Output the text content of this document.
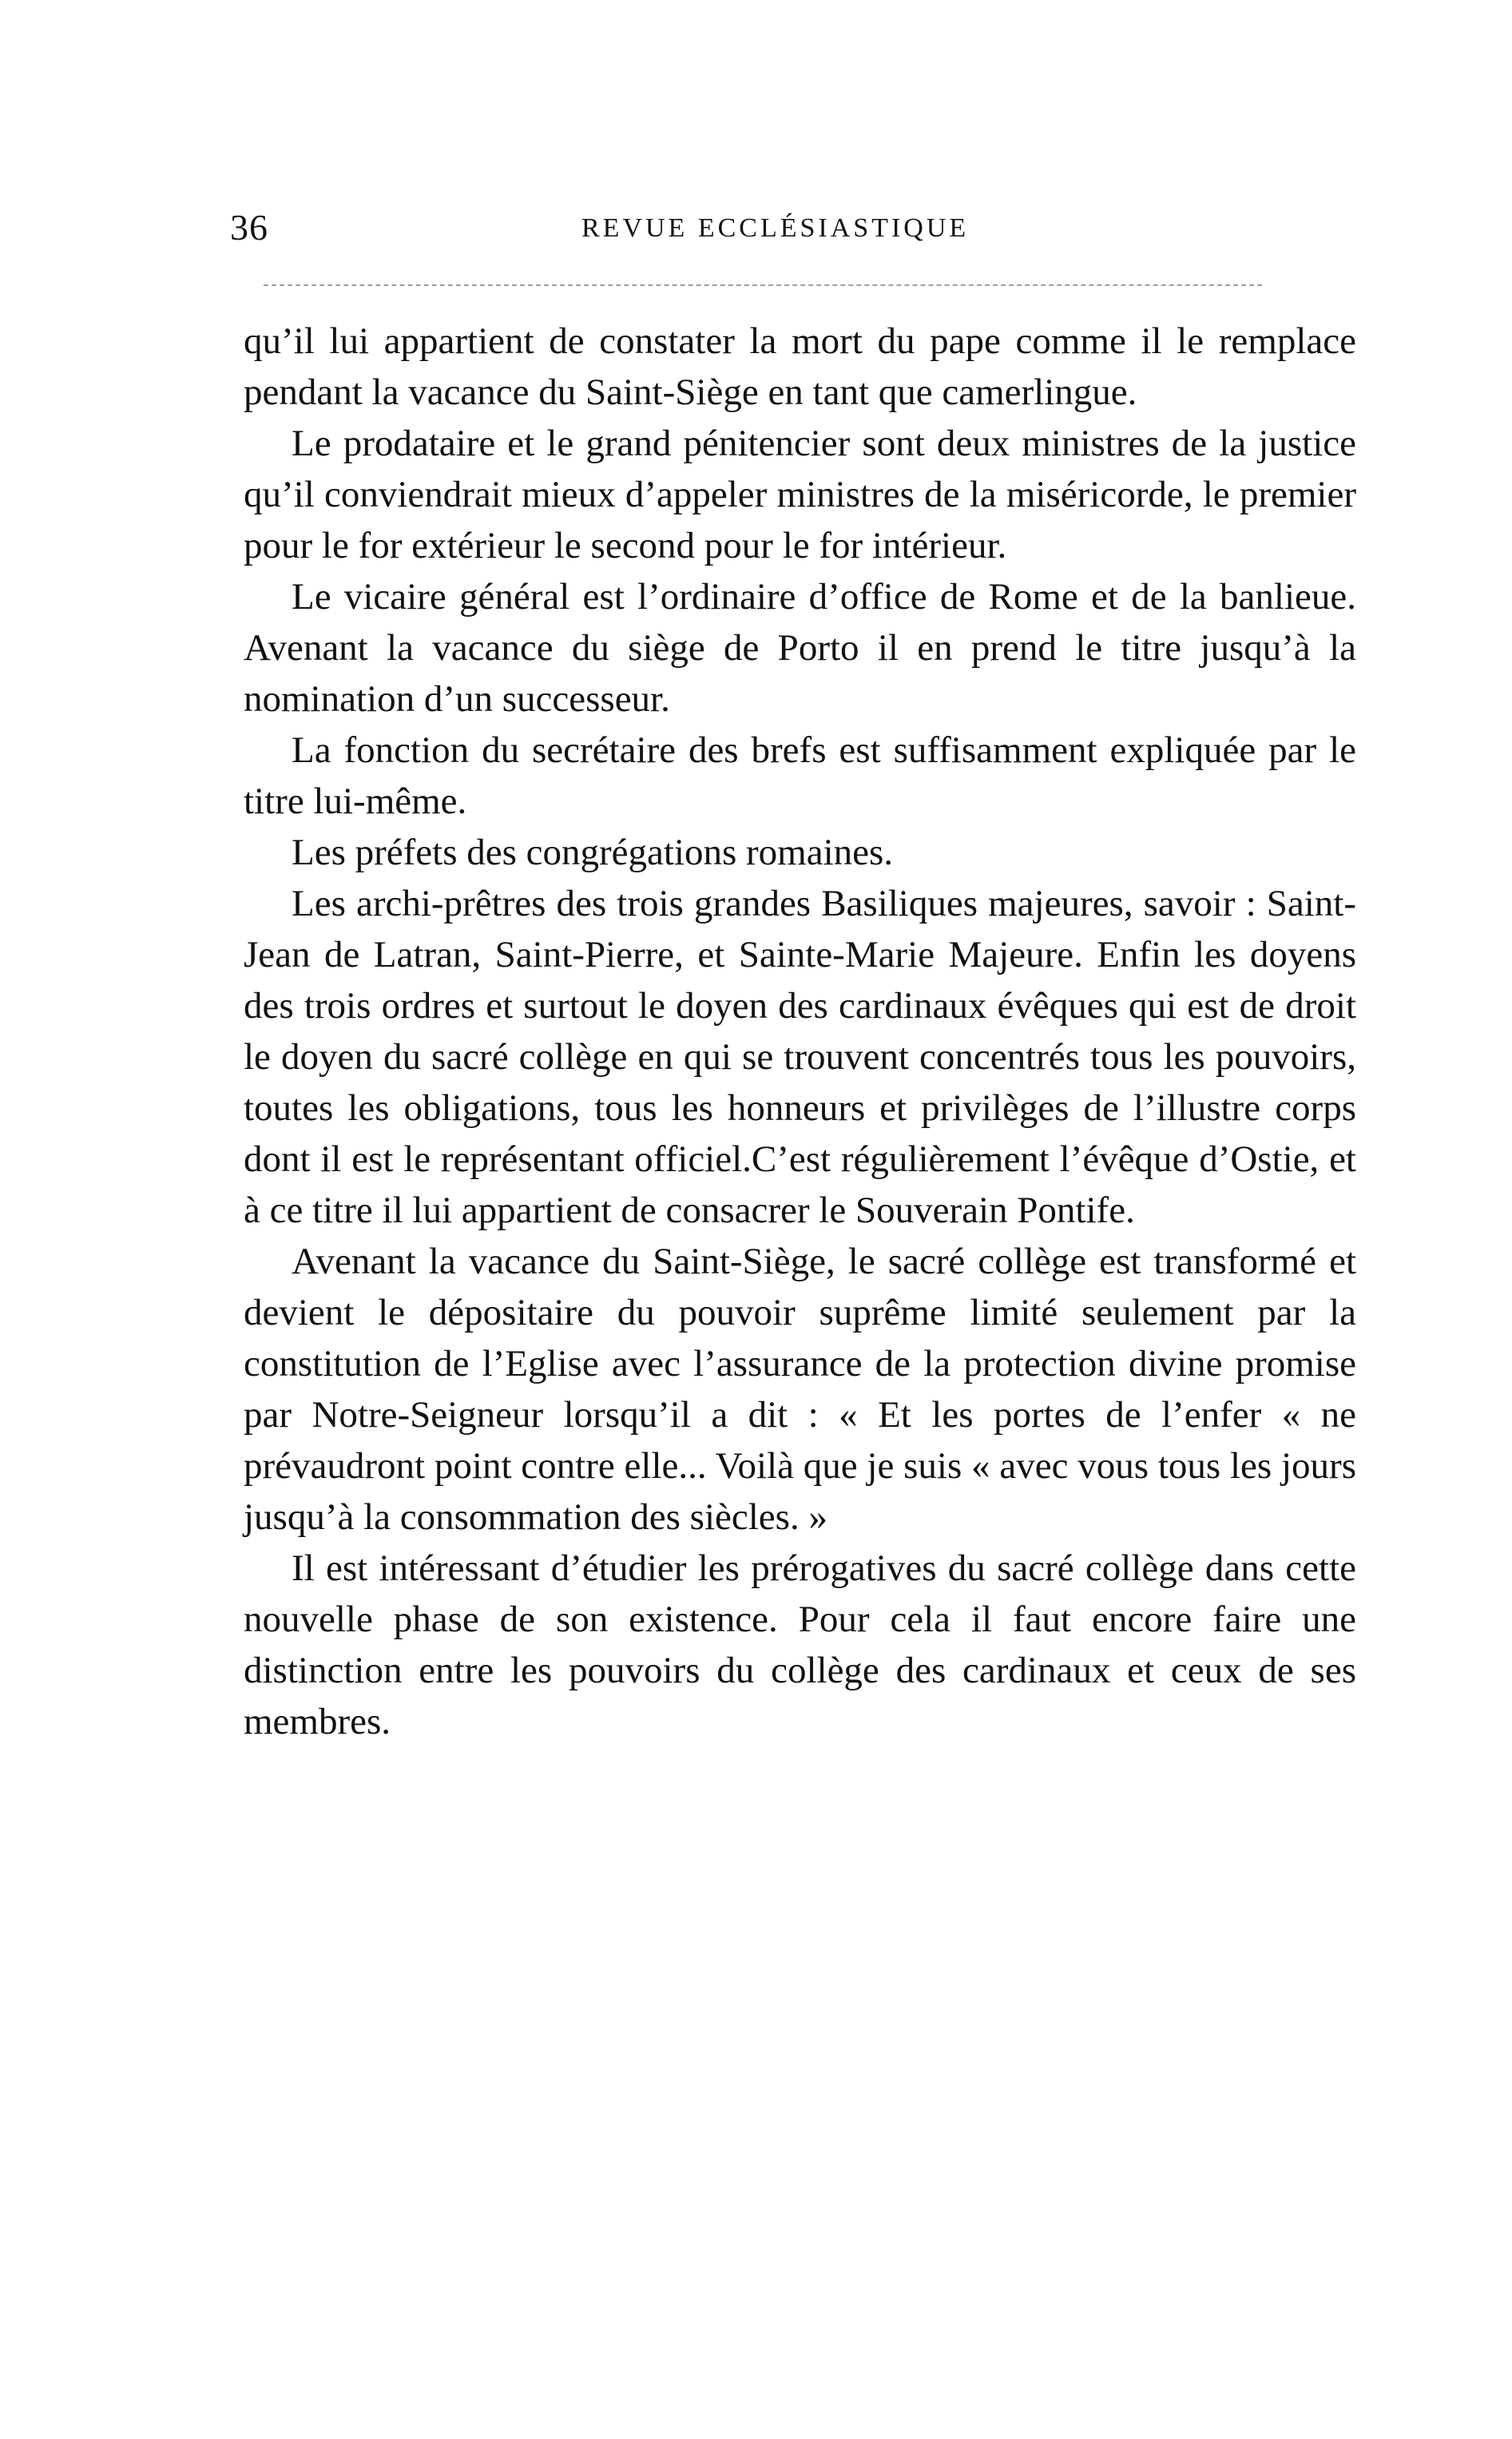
36	REVUE ECCLÉSIASTIQUE

qu’il lui appartient de constater la mort du pape comme il le remplace pendant la vacance du Saint-Siège en tant que camerlingue.

Le prodataire et le grand pénitencier sont deux ministres de la justice qu’il conviendrait mieux d’appeler ministres de la miséricorde, le premier pour le for extérieur le second pour le for intérieur.

Le vicaire général est l’ordinaire d’office de Rome et de la banlieue. Avenant la vacance du siège de Porto il en prend le titre jusqu’à la nomination d’un successeur.

La fonction du secrétaire des brefs est suffisamment expliquée par le titre lui-même.

Les préfets des congrégations romaines.

Les archi-prêtres des trois grandes Basiliques majeures, savoir : Saint-Jean de Latran, Saint-Pierre, et Sainte-Marie Majeure. Enfin les doyens des trois ordres et surtout le doyen des cardinaux évêques qui est de droit le doyen du sacré collège en qui se trouvent concentrés tous les pouvoirs, toutes les obligations, tous les honneurs et privilèges de l’illustre corps dont il est le représentant officiel.C’est régulièrement l’évêque d’Ostie, et à ce titre il lui appartient de consacrer le Souverain Pontife.

Avenant la vacance du Saint-Siège, le sacré collège est transformé et devient le dépositaire du pouvoir suprême limité seulement par la constitution de l’Eglise avec l’assurance de la protection divine promise par Notre-Seigneur lorsqu’il a dit : « Et les portes de l’enfer « ne prévaudront point contre elle... Voilà que je suis « avec vous tous les jours jusqu’à la consommation des siècles. »

Il est intéressant d’étudier les prérogatives du sacré collège dans cette nouvelle phase de son existence. Pour cela il faut encore faire une distinction entre les pouvoirs du collège des cardinaux et ceux de ses membres.
